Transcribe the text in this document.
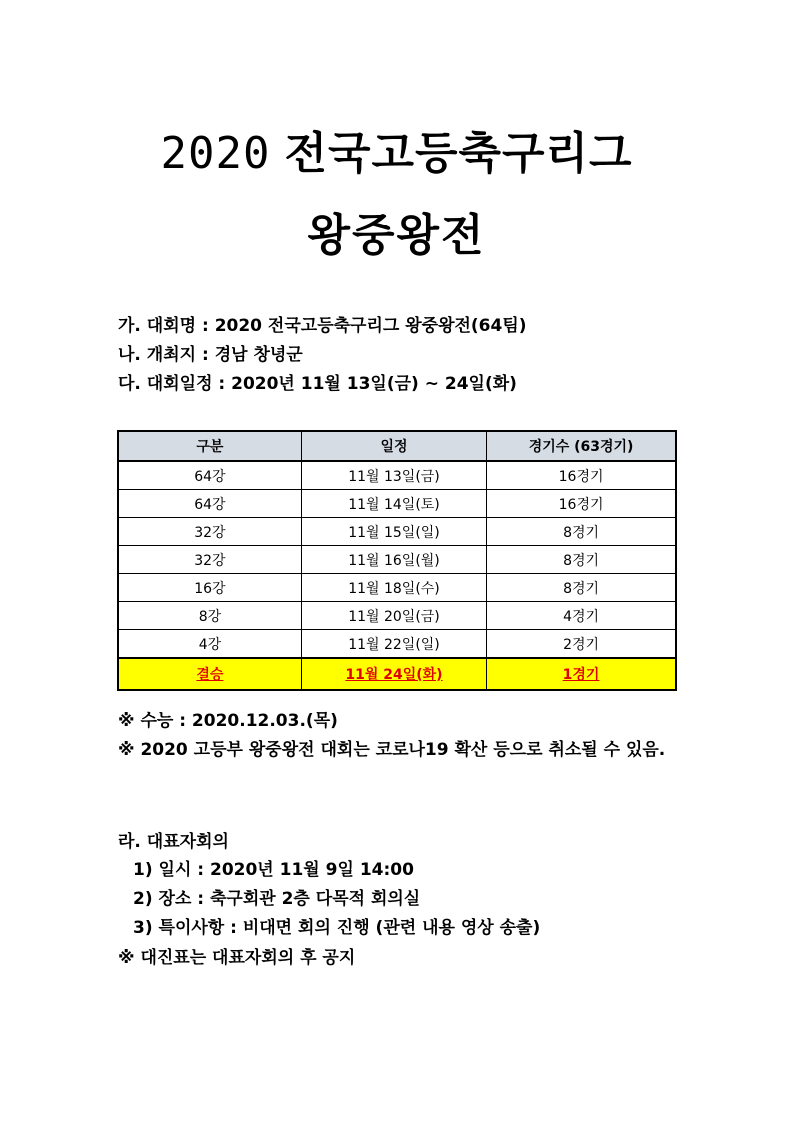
2020 전국고등축구리그
왕중왕전
가. 대회명 : 2020 전국고등축구리그 왕중왕전(64팀)
나. 개최지 : 경남 창녕군
다. 대회일정 : 2020년 11월 13일(금) ~ 24일(화)
구분	일정	경기수 (63경기)
64강	11월 13일(금)	16경기
64강	11월 14일(토)	16경기
32강	11월 15일(일)	8경기
32강	11월 16일(월)	8경기
16강	11월 18일(수)	8경기
8강	11월 20일(금)	4경기
4강	11월 22일(일)	2경기
결승	11월 24일(화)	1경기
※ 수능 : 2020.12.03.(목)
※ 2020 고등부 왕중왕전 대회는 코로나19 확산 등으로 취소될 수 있음.
라. 대표자회의
1) 일시 : 2020년 11월 9일 14:00
2) 장소 : 축구회관 2층 다목적 회의실
3) 특이사항 : 비대면 회의 진행 (관련 내용 영상 송출)
※ 대진표는 대표자회의 후 공지
